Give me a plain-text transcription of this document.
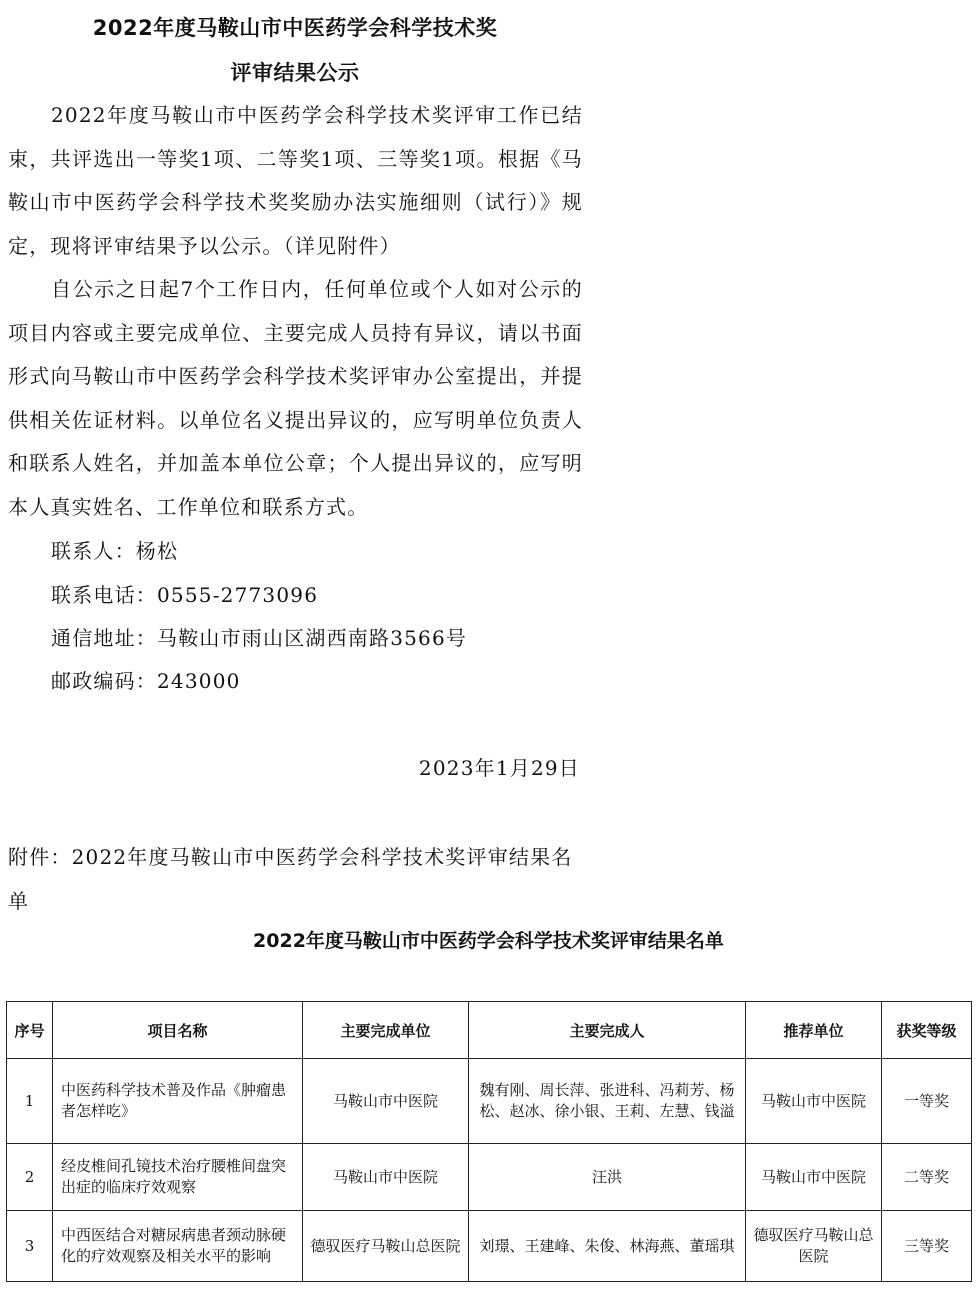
2022年度马鞍山市中医药学会科学技术奖
评审结果公示

2022年度马鞍山市中医药学会科学技术奖评审工作已结束，共评选出一等奖1项、二等奖1项、三等奖1项。根据《马鞍山市中医药学会科学技术奖奖励办法实施细则（试行）》规定，现将评审结果予以公示。（详见附件）

自公示之日起7个工作日内，任何单位或个人如对公示的项目内容或主要完成单位、主要完成人员持有异议，请以书面形式向马鞍山市中医药学会科学技术奖评审办公室提出，并提供相关佐证材料。以单位名义提出异议的，应写明单位负责人和联系人姓名，并加盖本单位公章；个人提出异议的，应写明本人真实姓名、工作单位和联系方式。

联系人：杨松

联系电话：0555-2773096

通信地址：马鞍山市雨山区湖西南路3566号

邮政编码：243000

2023年1月29日

附件：2022年度马鞍山市中医药学会科学技术奖评审结果名单

2022年度马鞍山市中医药学会科学技术奖评审结果名单
序号	项目名称	主要完成单位	主要完成人	推荐单位	获奖等级
1	中医药科学技术普及作品《肿瘤患者怎样吃》	马鞍山市中医院	魏有刚、周长萍、张进科、冯莉芳、杨松、赵冰、徐小银、王莉、左慧、钱溢	马鞍山市中医院	一等奖
2	经皮椎间孔镜技术治疗腰椎间盘突出症的临床疗效观察	马鞍山市中医院	汪洪	马鞍山市中医院	二等奖
3	中西医结合对糖尿病患者颈动脉硬化的疗效观察及相关水平的影响	德驭医疗马鞍山总医院	刘璟、王建峰、朱俊、林海燕、董瑶琪	德驭医疗马鞍山总医院	三等奖
